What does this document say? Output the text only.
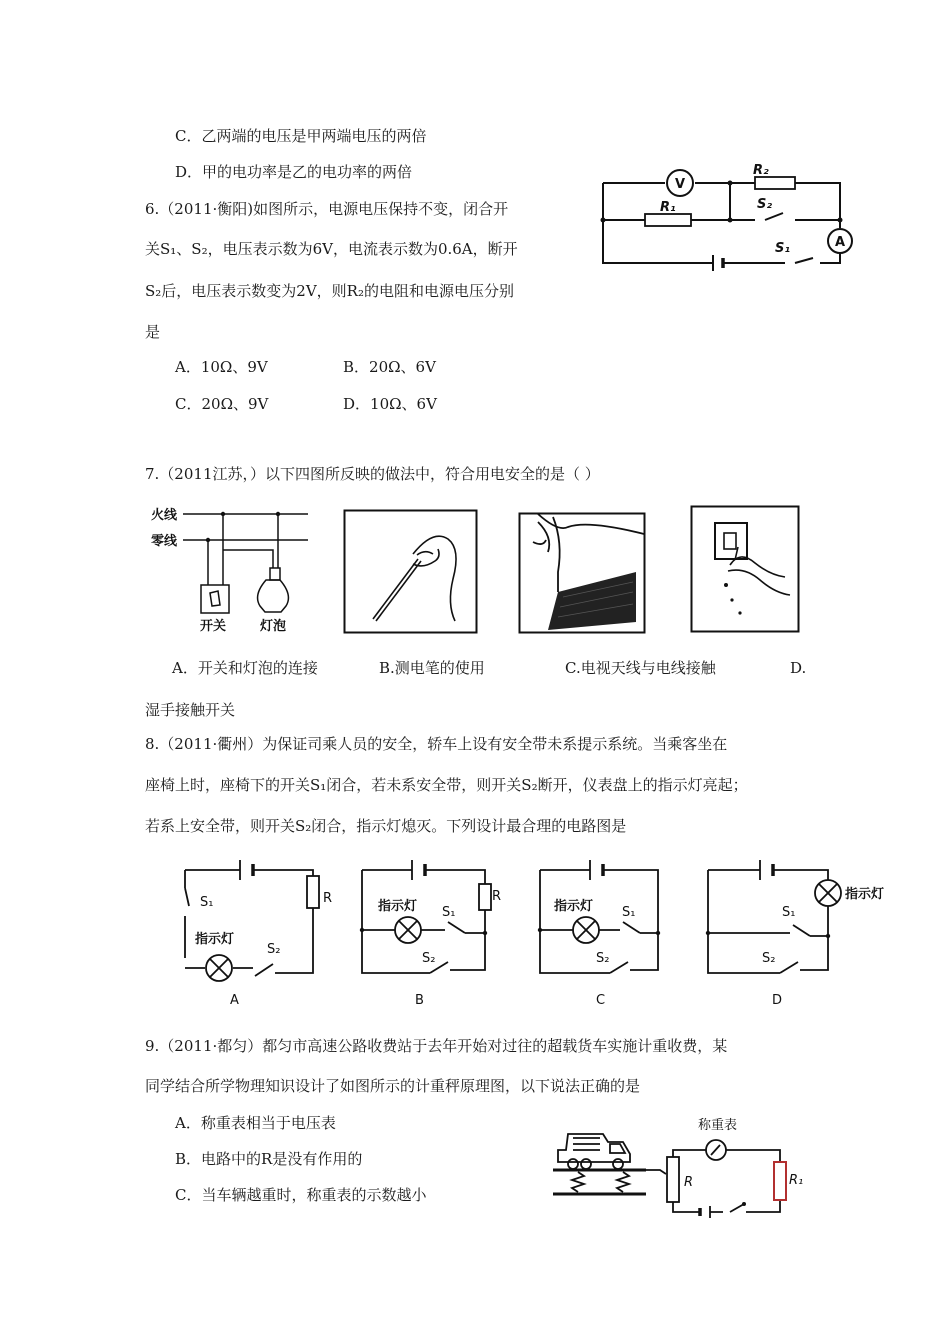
C．乙两端的电压是甲两端电压的两倍
D．甲的电功率是乙的电功率的两倍
6.（2011·衡阳)如图所示，电源电压保持不变，闭合开
关S₁、S₂，电压表示数为6V，电流表示数为0.6A，断开
S₂后，电压表示数变为2V，则R₂的电阻和电源电压分别
是
A．10Ω、9V	B．20Ω、6V
C．20Ω、9V	D．10Ω、6V
V
A
R₂
R₁	S₂
S₁
7.（2011江苏，）以下四图所反映的做法中，符合用电安全的是（ ）
火线
零线
开关	灯泡
A．开关和灯泡的连接	B.测电笔的使用	C.电视天线与电线接触	D.
湿手接触开关
8.（2011·衢州）为保证司乘人员的安全，轿车上设有安全带未系提示系统。当乘客坐在
座椅上时，座椅下的开关S₁闭合，若未系安全带，则开关S₂断开，仪表盘上的指示灯亮起；
若系上安全带，则开关S₂闭合，指示灯熄灭。下列设计最合理的电路图是
S₁	R
指示灯
S₂
A
指示灯 S₁
R
S₂
B
指示灯 S₁
S₂
C
指示灯
S₁
S₂
D
9.（2011·都匀）都匀市高速公路收费站于去年开始对过往的超载货车实施计重收费，某
同学结合所学物理知识设计了如图所示的计重秤原理图，以下说法正确的是
A．称重表相当于电压表
B．电路中的R是没有作用的
C．当车辆越重时，称重表的示数越小
称重表
R	R₁
